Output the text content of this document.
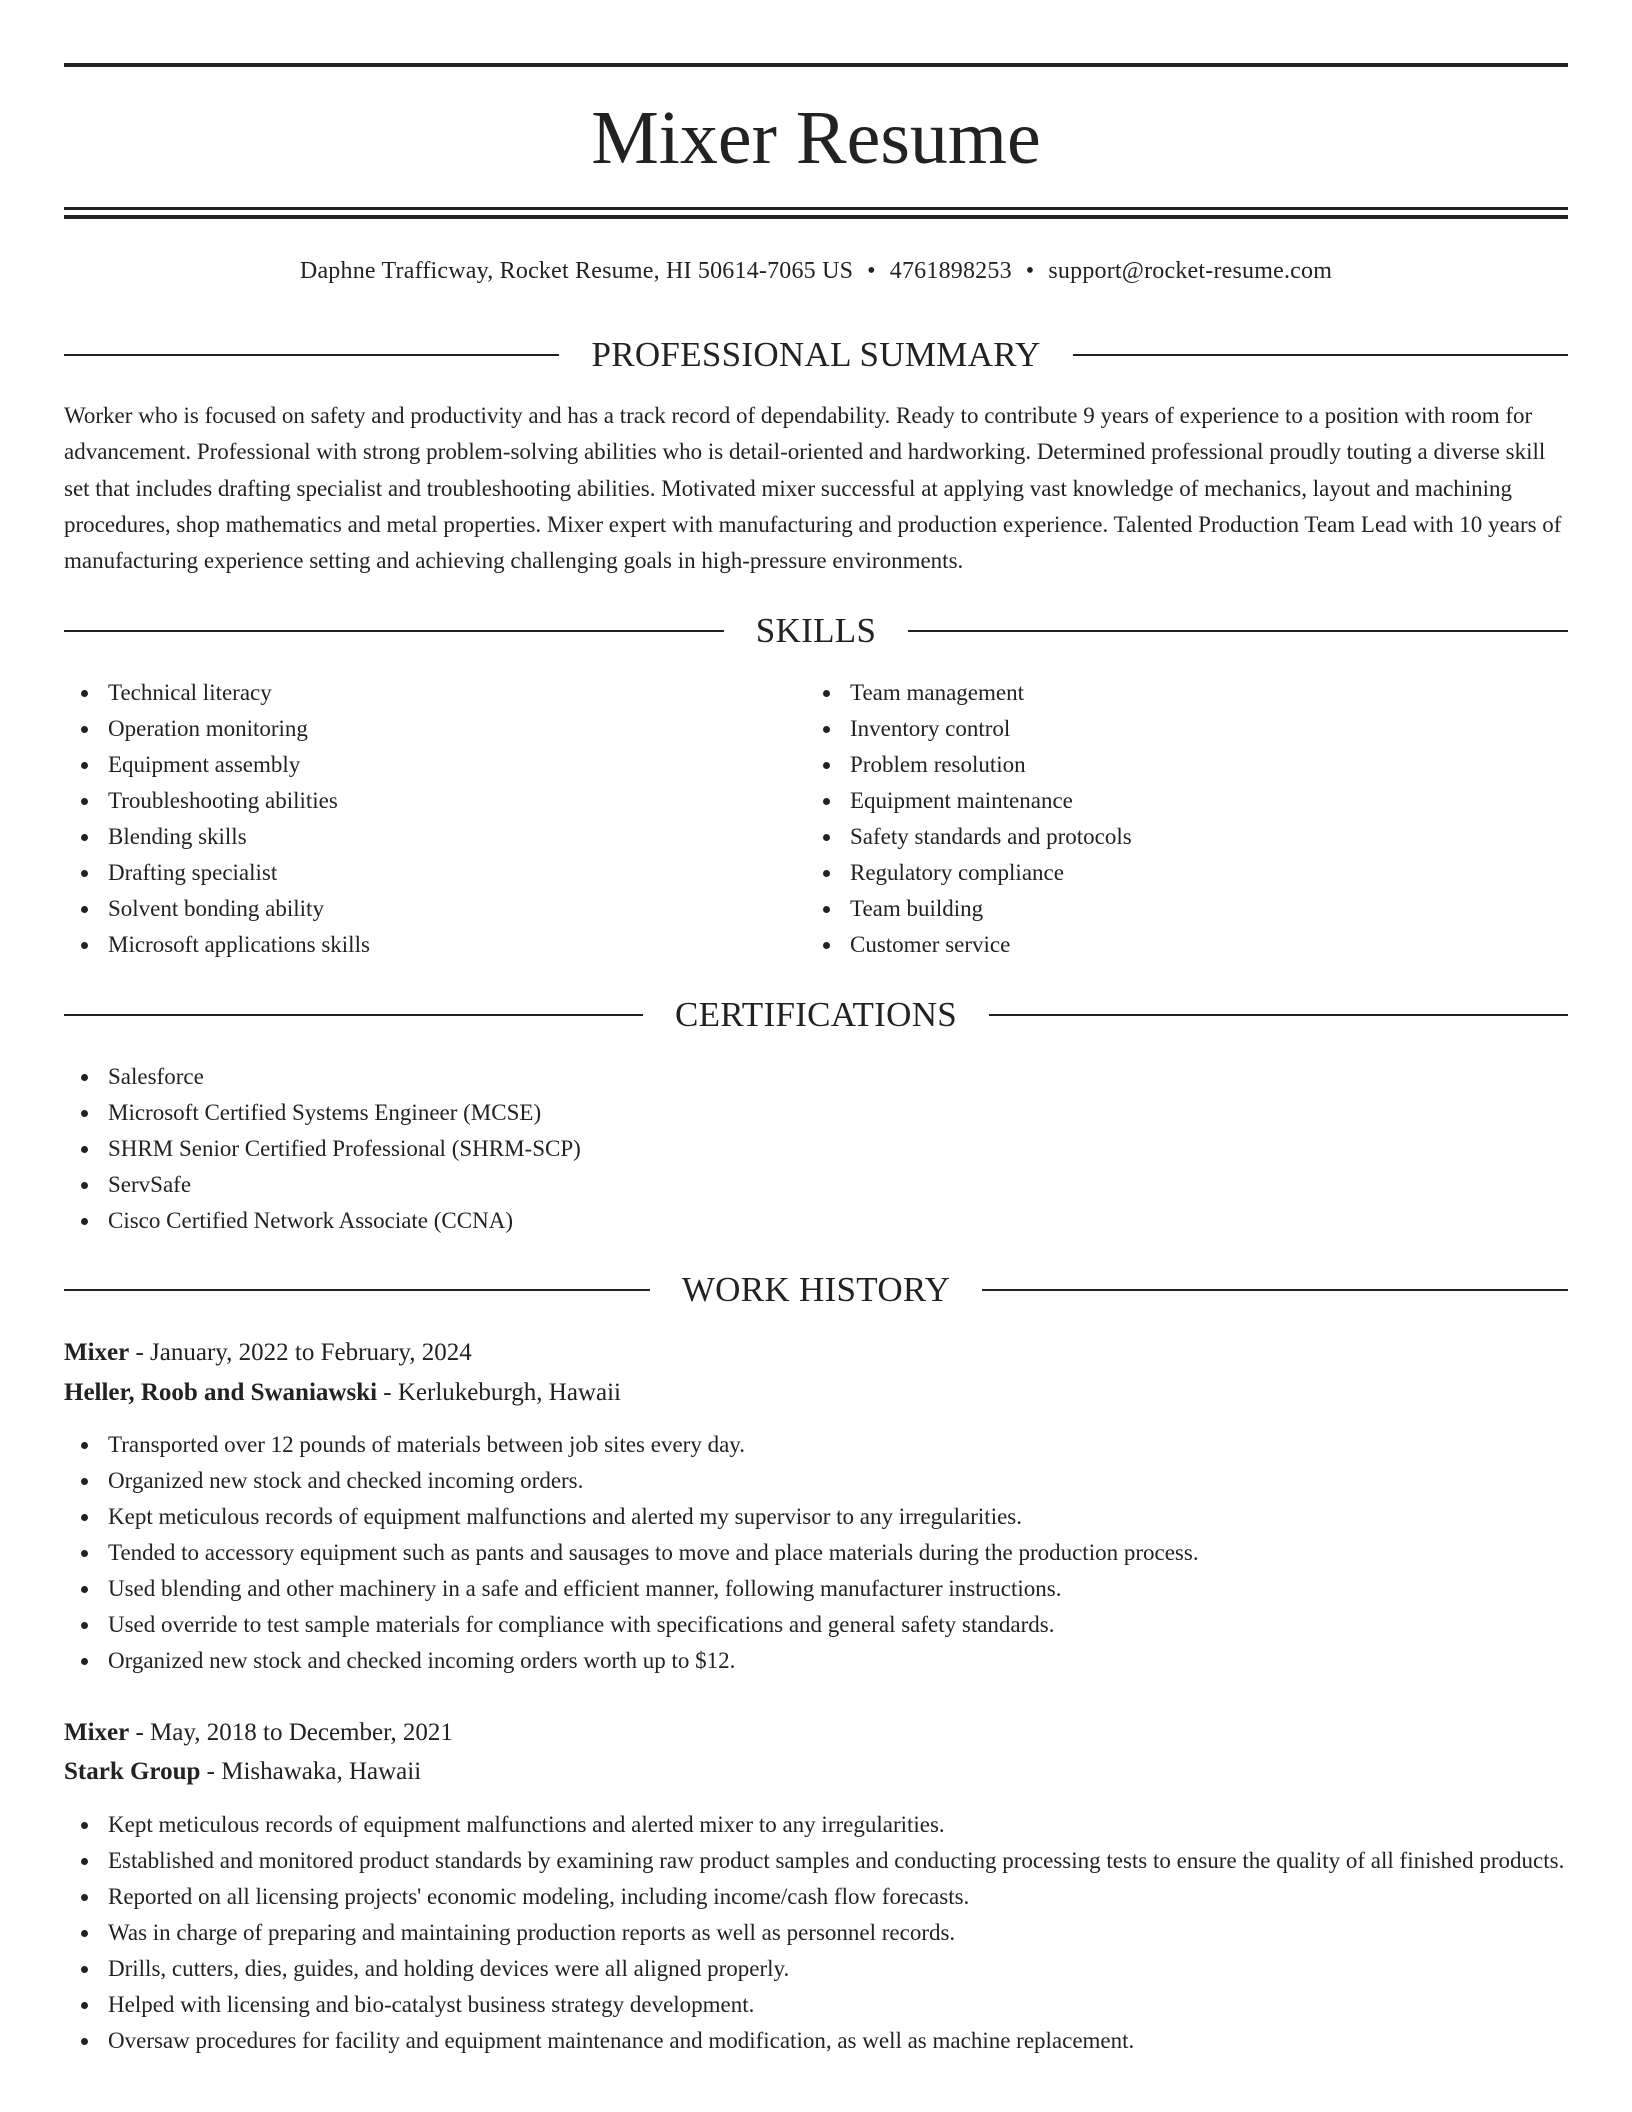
Mixer Resume
Daphne Trafficway, Rocket Resume, HI 50614-7065 US • 4761898253 • support@rocket-resume.com
PROFESSIONAL SUMMARY

Worker who is focused on safety and productivity and has a track record of dependability. Ready to contribute 9 years of experience to a position with room for advancement. Professional with strong problem-solving abilities who is detail-oriented and hardworking. Determined professional proudly touting a diverse skill set that includes drafting specialist and troubleshooting abilities. Motivated mixer successful at applying vast knowledge of mechanics, layout and machining procedures, shop mathematics and metal properties. Mixer expert with manufacturing and production experience. Talented Production Team Lead with 10 years of manufacturing experience setting and achieving challenging goals in high-pressure environments.

SKILLS
Technical literacy
Operation monitoring
Equipment assembly
Troubleshooting abilities
Blending skills
Drafting specialist
Solvent bonding ability
Microsoft applications skills
Team management
Inventory control
Problem resolution
Equipment maintenance
Safety standards and protocols
Regulatory compliance
Team building
Customer service
CERTIFICATIONS
Salesforce
Microsoft Certified Systems Engineer (MCSE)
SHRM Senior Certified Professional (SHRM-SCP)
ServSafe
Cisco Certified Network Associate (CCNA)
WORK HISTORY
Mixer - January, 2022 to February, 2024
Heller, Roob and Swaniawski - Kerlukeburgh, Hawaii
Transported over 12 pounds of materials between job sites every day.
Organized new stock and checked incoming orders.
Kept meticulous records of equipment malfunctions and alerted my supervisor to any irregularities.
Tended to accessory equipment such as pants and sausages to move and place materials during the production process.
Used blending and other machinery in a safe and efficient manner, following manufacturer instructions.
Used override to test sample materials for compliance with specifications and general safety standards.
Organized new stock and checked incoming orders worth up to $12.
Mixer - May, 2018 to December, 2021
Stark Group - Mishawaka, Hawaii
Kept meticulous records of equipment malfunctions and alerted mixer to any irregularities.
Established and monitored product standards by examining raw product samples and conducting processing tests to ensure the quality of all finished products.
Reported on all licensing projects' economic modeling, including income/cash flow forecasts.
Was in charge of preparing and maintaining production reports as well as personnel records.
Drills, cutters, dies, guides, and holding devices were all aligned properly.
Helped with licensing and bio-catalyst business strategy development.
Oversaw procedures for facility and equipment maintenance and modification, as well as machine replacement.
